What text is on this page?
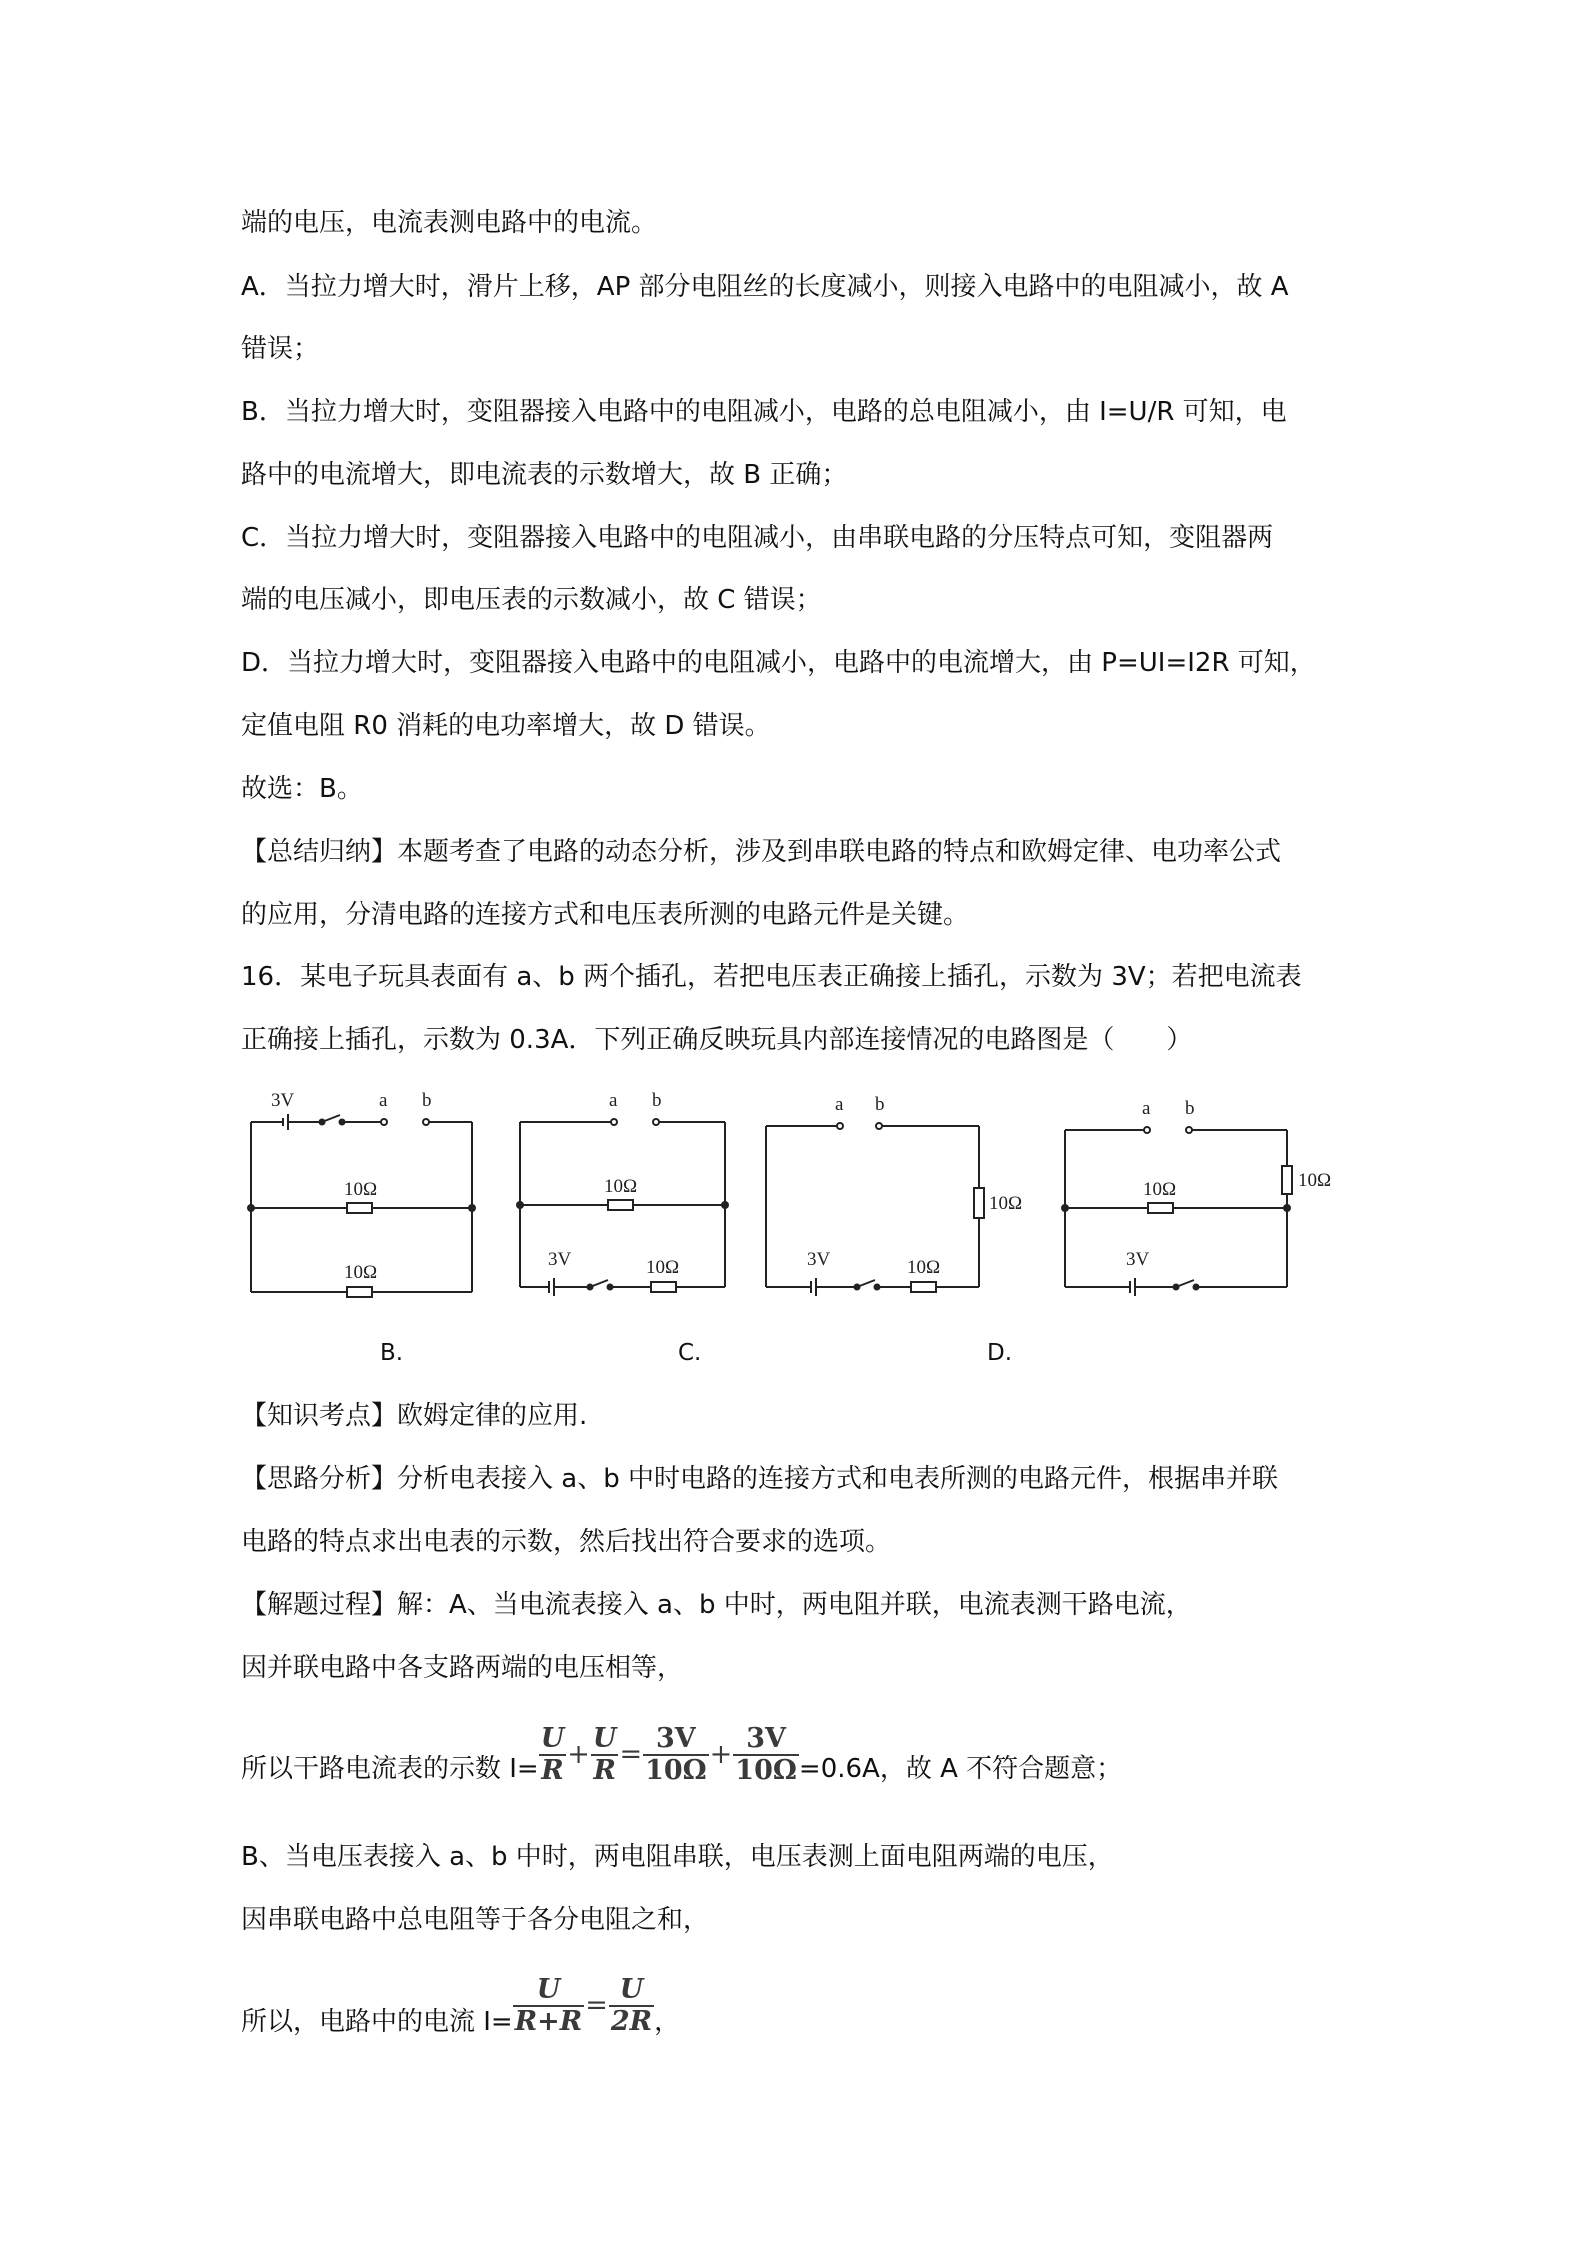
端的电压，电流表测电路中的电流。
A．当拉力增大时，滑片上移，AP 部分电阻丝的长度减小，则接入电路中的电阻减小，故 A
错误；
B．当拉力增大时，变阻器接入电路中的电阻减小，电路的总电阻减小，由 I=U/R 可知，电
路中的电流增大，即电流表的示数增大，故 B 正确；
C．当拉力增大时，变阻器接入电路中的电阻减小，由串联电路的分压特点可知，变阻器两
端的电压减小，即电压表的示数减小，故 C 错误；
D．当拉力增大时，变阻器接入电路中的电阻减小，电路中的电流增大，由 P=UI=I2R 可知，
定值电阻 R0 消耗的电功率增大，故 D 错误。
故选：B。
【总结归纳】本题考查了电路的动态分析，涉及到串联电路的特点和欧姆定律、电功率公式
的应用，分清电路的连接方式和电压表所测的电路元件是关键。
16．某电子玩具表面有 a、b 两个插孔，若把电压表正确接上插孔，示数为 3V；若把电流表
正确接上插孔，示数为 0.3A．下列正确反映玩具内部连接情况的电路图是（　　）
3V	a b
10Ω
10Ω
a b
10Ω
3V	10Ω
a b
10Ω
3V	10Ω
a b
10Ω
10Ω
3V
B.	C.	D.
【知识考点】欧姆定律的应用.
【思路分析】分析电表接入 a、b 中时电路的连接方式和电表所测的电路元件，根据串并联
电路的特点求出电表的示数，然后找出符合要求的选项。
【解题过程】解：A、当电流表接入 a、b 中时，两电阻并联，电流表测干路电流，
因并联电路中各支路两端的电压相等，
所以干路电流表的示数 $I= \frac{U}{R} + \frac{U}{R} = \frac{3V}{10\Omega} + \frac{3V}{10\Omega} =0.6A$，故 A 不符合题意；
B、当电压表接入 a、b 中时，两电阻串联，电压表测上面电阻两端的电压，
因串联电路中总电阻等于各分电阻之和，
所以，电路中的电流 $I= \frac{U}{R+R} = \frac{U}{2R}$ ，
